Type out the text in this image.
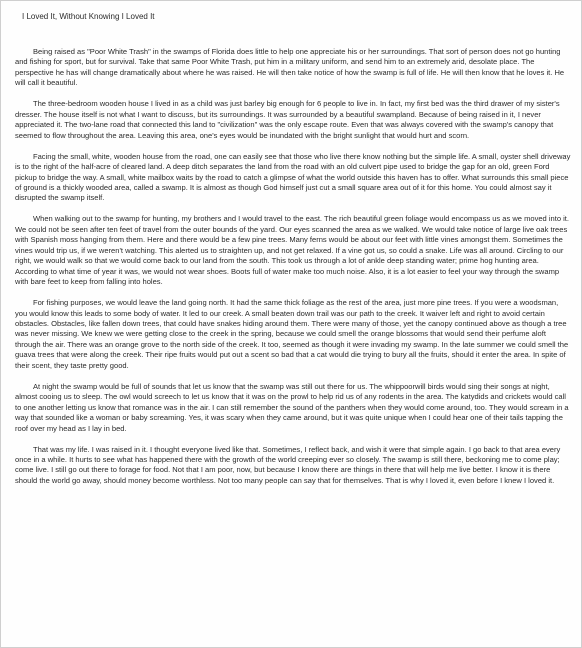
I Loved It, Without Knowing I Loved It

Being raised as "Poor White Trash" in the swamps of Florida does little to help one appreciate his or her surroundings. That sort of person does not go hunting and fishing for sport, but for survival. Take that same Poor White Trash, put him in a military uniform, and send him to an extremely arid, desolate place. The perspective he has will change dramatically about where he was raised. He will then take notice of how the swamp is full of life. He will then know that he loves it. He will call it beautiful.

The three-bedroom wooden house I lived in as a child was just barley big enough for 6 people to live in. In fact, my first bed was the third drawer of my sister's dresser. The house itself is not what I want to discuss, but its surroundings. It was surrounded by a beautiful swampland. Because of being raised in it, I never appreciated it. The two-lane road that connected this land to "civilization" was the only escape route. Even that was always covered with the swamp's canopy that seemed to flow throughout the area. Leaving this area, one's eyes would be inundated with the bright sunlight that would hurt and scorn.

Facing the small, white, wooden house from the road, one can easily see that those who live there know nothing but the simple life. A small, oyster shell driveway is to the right of the half-acre of cleared land. A deep ditch separates the land from the road with an old culvert pipe used to bridge the gap for an old, green Ford pickup to bridge the way. A small, white mailbox waits by the road to catch a glimpse of what the world outside this haven has to offer. What surrounds this small piece of ground is a thickly wooded area, called a swamp. It is almost as though God himself just cut a small square area out of it for this home. You could almost say it disrupted the swamp itself.

When walking out to the swamp for hunting, my brothers and I would travel to the east. The rich beautiful green foliage would encompass us as we moved into it. We could not be seen after ten feet of travel from the outer bounds of the yard. Our eyes scanned the area as we walked. We would take notice of large live oak trees with Spanish moss hanging from them. Here and there would be a few pine trees. Many ferns would be about our feet with little vines amongst them. Sometimes the vines would trip us, if we weren't watching. This alerted us to straighten up, and not get relaxed. If a vine got us, so could a snake. Life was all around. Circling to our right, we would walk so that we would come back to our land from the south. This took us through a lot of ankle deep standing water; prime hog hunting area. According to what time of year it was, we would not wear shoes. Boots full of water make too much noise. Also, it is a lot easier to feel your way through the swamp with bare feet to keep from falling into holes.

For fishing purposes, we would leave the land going north. It had the same thick foliage as the rest of the area, just more pine trees. If you were a woodsman, you would know this leads to some body of water. It led to our creek. A small beaten down trail was our path to the creek. It waiver left and right to avoid certain obstacles. Obstacles, like fallen down trees, that could have snakes hiding around them. There were many of those, yet the canopy continued above as though a tree was never missing. We knew we were getting close to the creek in the spring, because we could smell the orange blossoms that would send their perfume aloft through the air. There was an orange grove to the north side of the creek. It too, seemed as though it were invading my swamp. In the late summer we could smell the guava trees that were along the creek. Their ripe fruits would put out a scent so bad that a cat would die trying to bury all the fruits, should it enter the area. In spite of their scent, they taste pretty good.

At night the swamp would be full of sounds that let us know that the swamp was still out there for us. The whippoorwill birds would sing their songs at night, almost cooing us to sleep. The owl would screech to let us know that it was on the prowl to help rid us of any rodents in the area. The katydids and crickets would call to one another letting us know that romance was in the air. I can still remember the sound of the panthers when they would come around, too. They would scream in a way that sounded like a woman or baby screaming. Yes, it was scary when they came around, but it was quite unique when I could hear one of their tails tapping the roof over my head as I lay in bed.

That was my life. I was raised in it. I thought everyone lived like that. Sometimes, I reflect back, and wish it were that simple again. I go back to that area every once in a while. It hurts to see what has happened there with the growth of the world creeping ever so closely. The swamp is still there, beckoning me to come play; come live. I still go out there to forage for food. Not that I am poor, now, but because I know there are things in there that will help me live better. I know it is there should the world go away, should money become worthless. Not too many people can say that for themselves. That is why I loved it, even before I knew I loved it.
